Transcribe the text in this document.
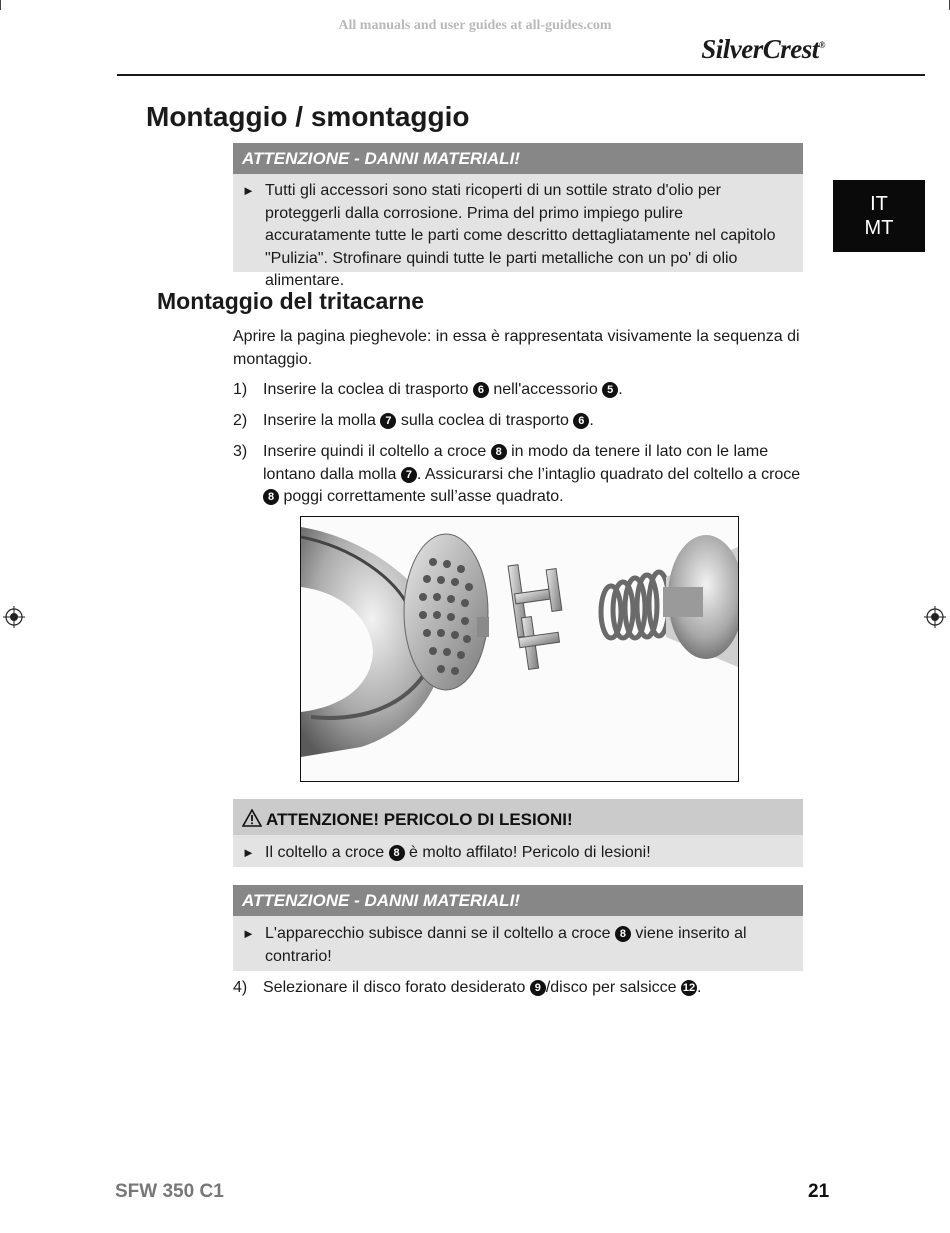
All manuals and user guides at all-guides.com
SilverCrest®
IT
MT
Montaggio / smontaggio
ATTENZIONE - DANNI MATERIALI!
► Tutti gli accessori sono stati ricoperti di un sottile strato d'olio per proteggerli dalla corrosione. Prima del primo impiego pulire accuratamente tutte le parti come descritto dettagliatamente nel capitolo "Pulizia". Strofinare quindi tutte le parti metalliche con un po' di olio alimentare.
Montaggio del tritacarne
Aprire la pagina pieghevole: in essa è rappresentata visivamente la sequenza di montaggio.
1) Inserire la coclea di trasporto 6 nell'accessorio 5 .
2) Inserire la molla 7 sulla coclea di trasporto 6 .
3) Inserire quindi il coltello a croce 8 in modo da tenere il lato con le lame lontano dalla molla 7 . Assicurarsi che l’intaglio quadrato del coltello a croce 8 poggi correttamente sull’asse quadrato.
ATTENZIONE! PERICOLO DI LESIONI!
► Il coltello a croce 8 è molto affilato! Pericolo di lesioni!
ATTENZIONE - DANNI MATERIALI!
► L'apparecchio subisce danni se il coltello a croce 8 viene inserito al contrario!
4) Selezionare il disco forato desiderato 9 /disco per salsicce 12 .
SFW 350 C1	21
